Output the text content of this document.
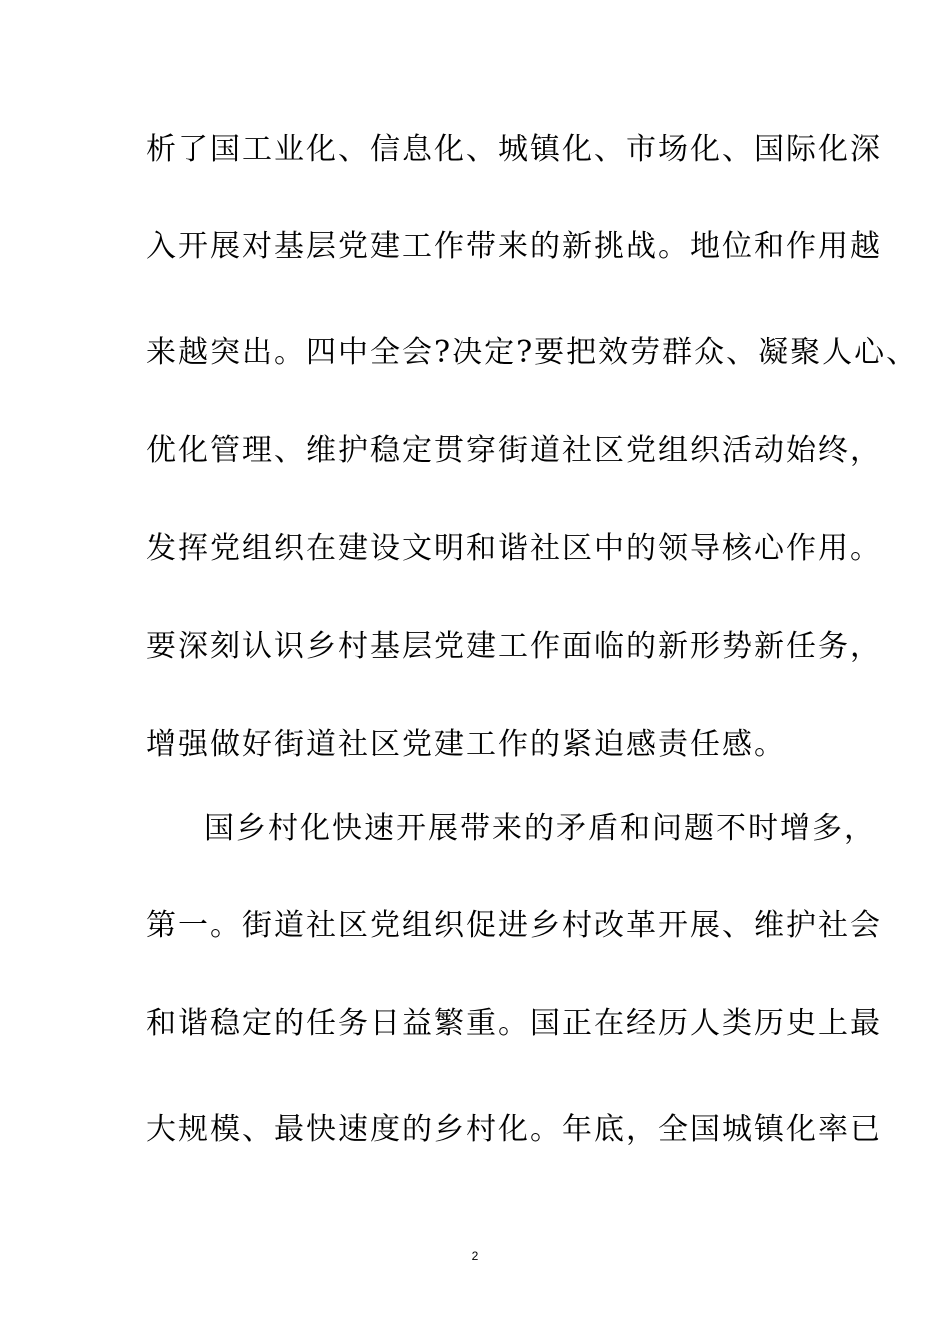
析了国工业化、信息化、城镇化、市场化、国际化深
入开展对基层党建工作带来的新挑战。地位和作用越
来越突出。四中全会?决定?要把效劳群众、凝聚人心、
优化管理、维护稳定贯穿街道社区党组织活动始终，
发挥党组织在建设文明和谐社区中的领导核心作用。
要深刻认识乡村基层党建工作面临的新形势新任务，
增强做好街道社区党建工作的紧迫感责任感。
国乡村化快速开展带来的矛盾和问题不时增多，
第一。街道社区党组织促进乡村改革开展、维护社会
和谐稳定的任务日益繁重。国正在经历人类历史上最
大规模、最快速度的乡村化。年底，全国城镇化率已
2
